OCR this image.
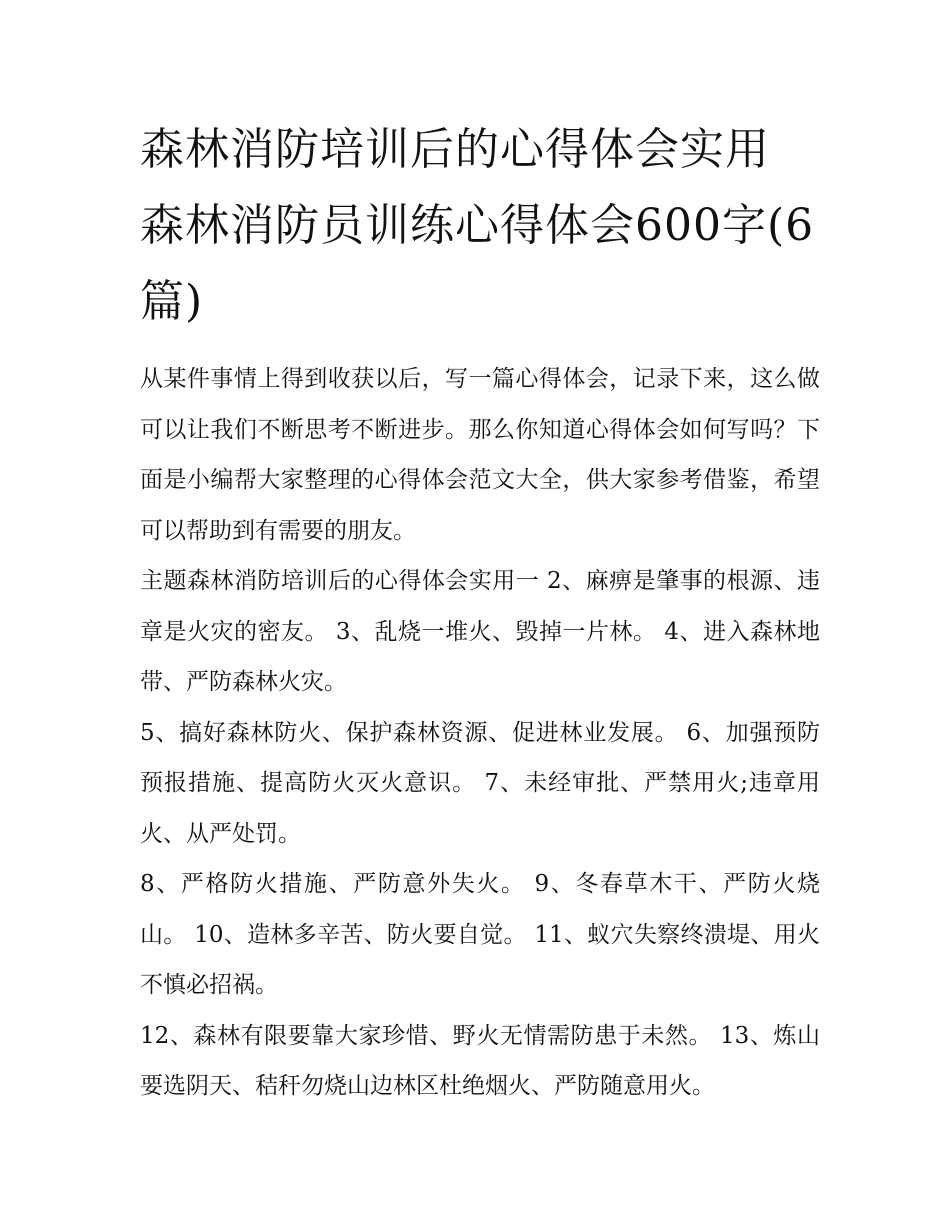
森林消防培训后的心得体会实用 森林消防员训练心得体会600字(6篇)

从某件事情上得到收获以后，写一篇心得体会，记录下来，这么做可以让我们不断思考不断进步。那么你知道心得体会如何写吗？下面是小编帮大家整理的心得体会范文大全，供大家参考借鉴，希望可以帮助到有需要的朋友。

主题森林消防培训后的心得体会实用一 2、麻痹是肇事的根源、违章是火灾的密友。 3、乱烧一堆火、毁掉一片林。 4、进入森林地带、严防森林火灾。

5、搞好森林防火、保护森林资源、促进林业发展。 6、加强预防预报措施、提高防火灭火意识。 7、未经审批、严禁用火;违章用火、从严处罚。

8、严格防火措施、严防意外失火。 9、冬春草木干、严防火烧山。 10、造林多辛苦、防火要自觉。 11、蚁穴失察终溃堤、用火不慎必招祸。

12、森林有限要靠大家珍惜、野火无情需防患于未然。 13、炼山要选阴天、秸秆勿烧山边林区杜绝烟火、严防随意用火。
